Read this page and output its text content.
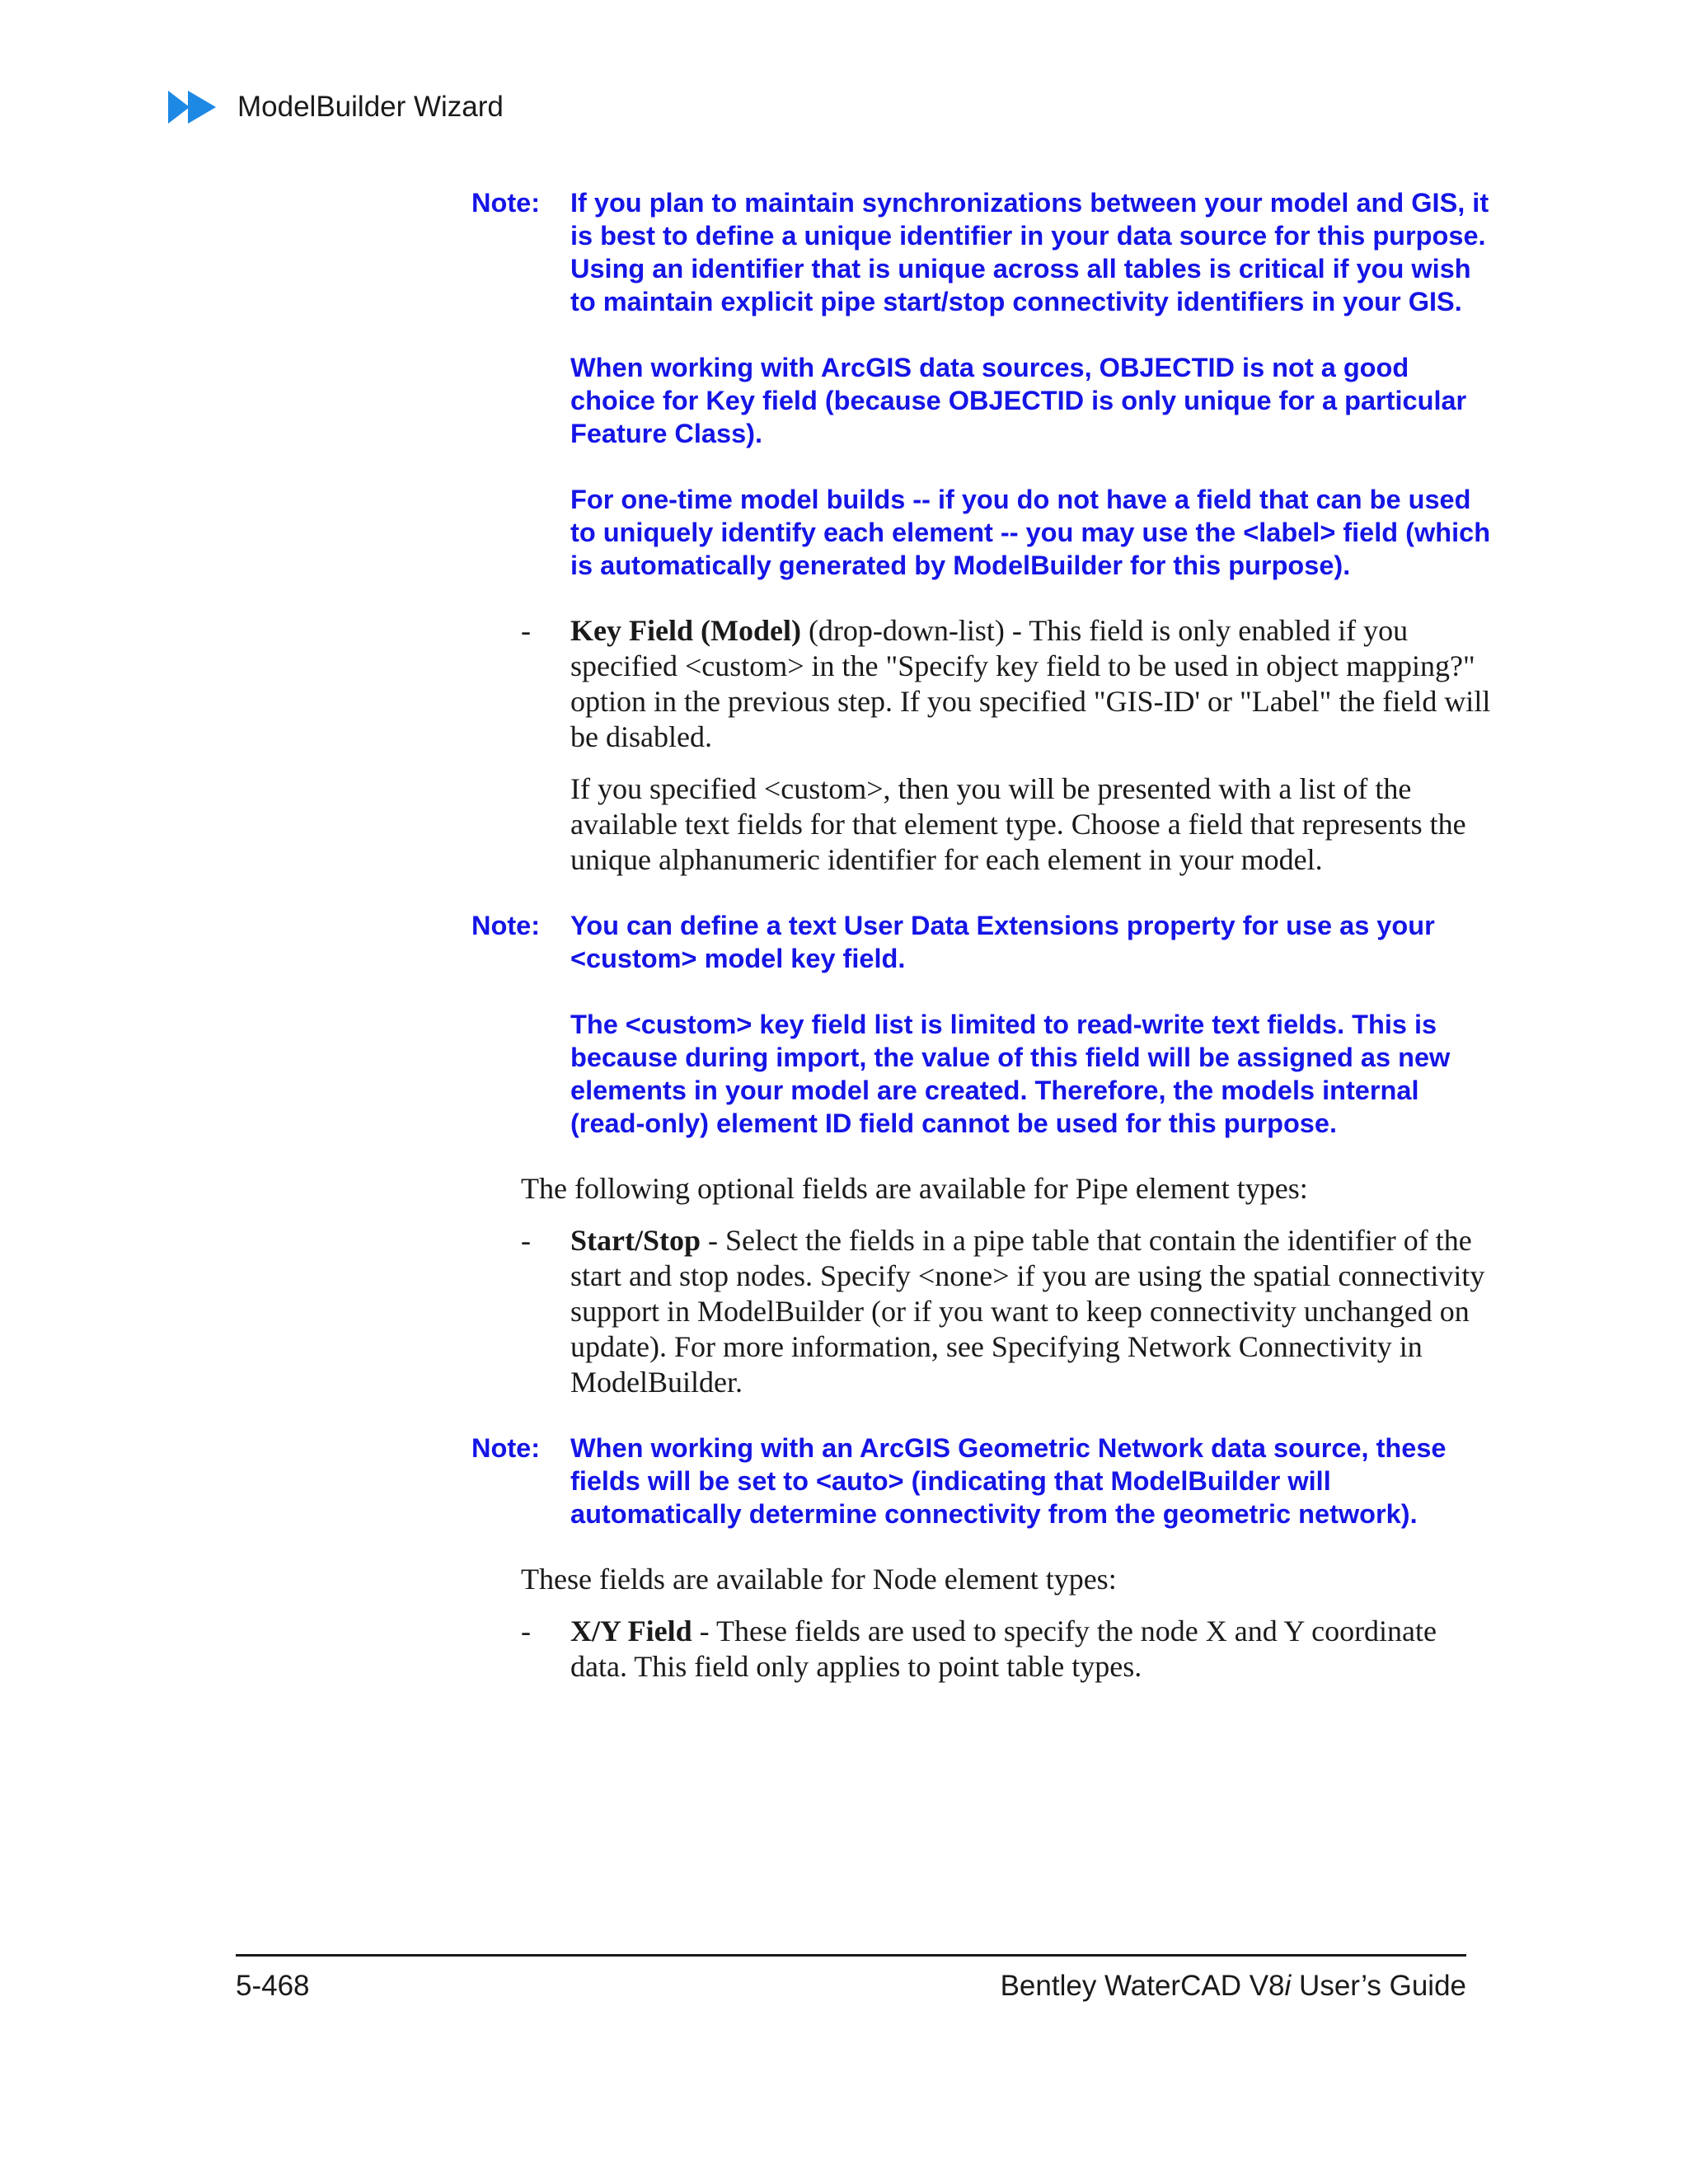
ModelBuilder Wizard
Note: If you plan to maintain synchronizations between your model and GIS, it is best to define a unique identifier in your data source for this purpose. Using an identifier that is unique across all tables is critical if you wish to maintain explicit pipe start/stop connectivity identifiers in your GIS.

When working with ArcGIS data sources, OBJECTID is not a good choice for Key field (because OBJECTID is only unique for a particular Feature Class).

For one-time model builds -- if you do not have a field that can be used to uniquely identify each element -- you may use the <label> field (which is automatically generated by ModelBuilder for this purpose).

- Key Field (Model) (drop-down-list) - This field is only enabled if you specified <custom> in the "Specify key field to be used in object mapping?" option in the previous step. If you specified "GIS-ID' or "Label" the field will be disabled.

If you specified <custom>, then you will be presented with a list of the available text fields for that element type. Choose a field that represents the unique alphanumeric identifier for each element in your model.

Note: You can define a text User Data Extensions property for use as your <custom> model key field.

The <custom> key field list is limited to read-write text fields. This is because during import, the value of this field will be assigned as new elements in your model are created. Therefore, the models internal (read-only) element ID field cannot be used for this purpose.

The following optional fields are available for Pipe element types:

- Start/Stop - Select the fields in a pipe table that contain the identifier of the start and stop nodes. Specify <none> if you are using the spatial connectivity support in ModelBuilder (or if you want to keep connectivity unchanged on update). For more information, see Specifying Network Connectivity in ModelBuilder.

Note: When working with an ArcGIS Geometric Network data source, these fields will be set to <auto> (indicating that ModelBuilder will automatically determine connectivity from the geometric network).

These fields are available for Node element types:

- X/Y Field - These fields are used to specify the node X and Y coordinate data. This field only applies to point table types.

5-468	Bentley WaterCAD V8i User’s Guide
